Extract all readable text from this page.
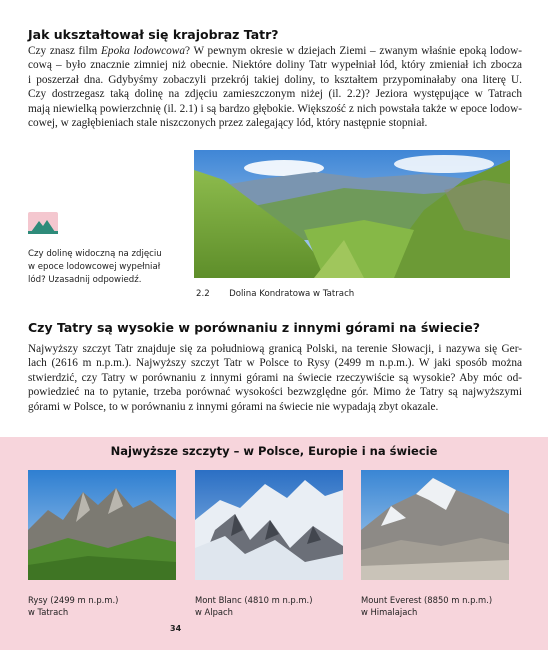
Jak ukształtował się krajobraz Tatr?
Czy znasz film Epoka lodowcowa? W pewnym okresie w dziejach Ziemi – zwanym właśnie epoką lodow-
cową – było znacznie zimniej niż obecnie. Niektóre doliny Tatr wypełniał lód, który zmieniał ich zbocza
i poszerzał dna. Gdybyśmy zobaczyli przekrój takiej doliny, to kształtem przypominałaby ona literę U.
Czy dostrzegasz taką dolinę na zdjęciu zamieszczonym niżej (il. 2.2)? Jeziora występujące w Tatrach
mają niewielką powierzchnię (il. 2.1) i są bardzo głębokie. Większość z nich powstała także w epoce lodow-
cowej, w zagłębieniach stale niszczonych przez zalegający lód, który następnie stopniał.
Czy dolinę widoczną na zdjęciu
w epoce lodowcowej wypełniał
lód? Uzasadnij odpowiedź.
2.2 Dolina Kondratowa w Tatrach
Czy Tatry są wysokie w porównaniu z innymi górami na świecie?
Najwyższy szczyt Tatr znajduje się za południową granicą Polski, na terenie Słowacji, i nazywa się Ger-
lach (2616 m n.p.m.). Najwyższy szczyt Tatr w Polsce to Rysy (2499 m n.p.m.). W jaki sposób można
stwierdzić, czy Tatry w porównaniu z innymi górami na świecie rzeczywiście są wysokie? Aby móc od-
powiedzieć na to pytanie, trzeba porównać wysokości bezwzględne gór. Mimo że Tatry są najwyższymi
górami w Polsce, to w porównaniu z innymi górami na świecie nie wypadają zbyt okazale.
Najwyższe szczyty – w Polsce, Europie i na świecie
Rysy (2499 m n.p.m.)
w Tatrach
Mont Blanc (4810 m n.p.m.)
w Alpach
Mount Everest (8850 m n.p.m.)
w Himalajach
34
